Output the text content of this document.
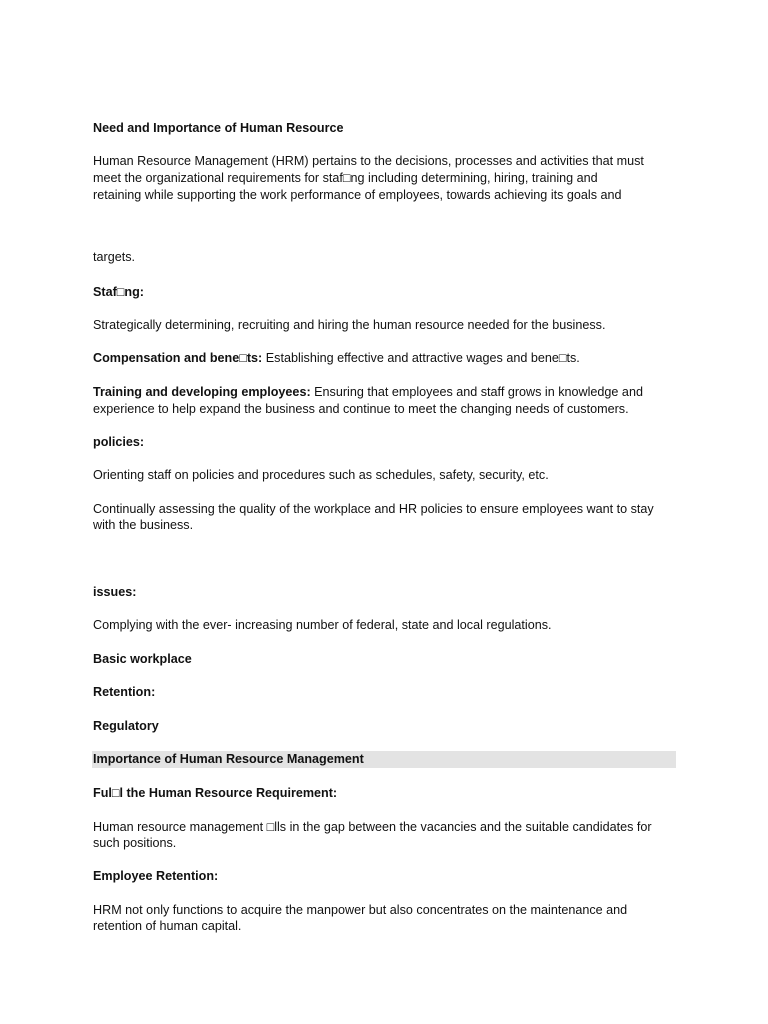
Need and Importance of Human Resource
Human Resource Management (HRM) pertains to the decisions, processes and activities that must
meet the organizational requirements for staf□ng including determining, hiring, training and
retaining while supporting the work performance of employees, towards achieving its goals and
targets.
Staf□ng:
Strategically determining, recruiting and hiring the human resource needed for the business.
Compensation and bene□ts: Establishing effective and attractive wages and bene□ts.
Training and developing employees: Ensuring that employees and staff grows in knowledge and
experience to help expand the business and continue to meet the changing needs of customers.
policies:
Orienting staff on policies and procedures such as schedules, safety, security, etc.
Continually assessing the quality of the workplace and HR policies to ensure employees want to stay
with the business.
issues:
Complying with the ever- increasing number of federal, state and local regulations.
Basic workplace
Retention:
Regulatory
Importance of Human Resource Management
Ful□l the Human Resource Requirement:
Human resource management □lls in the gap between the vacancies and the suitable candidates for
such positions.
Employee Retention:
HRM not only functions to acquire the manpower but also concentrates on the maintenance and
retention of human capital.
